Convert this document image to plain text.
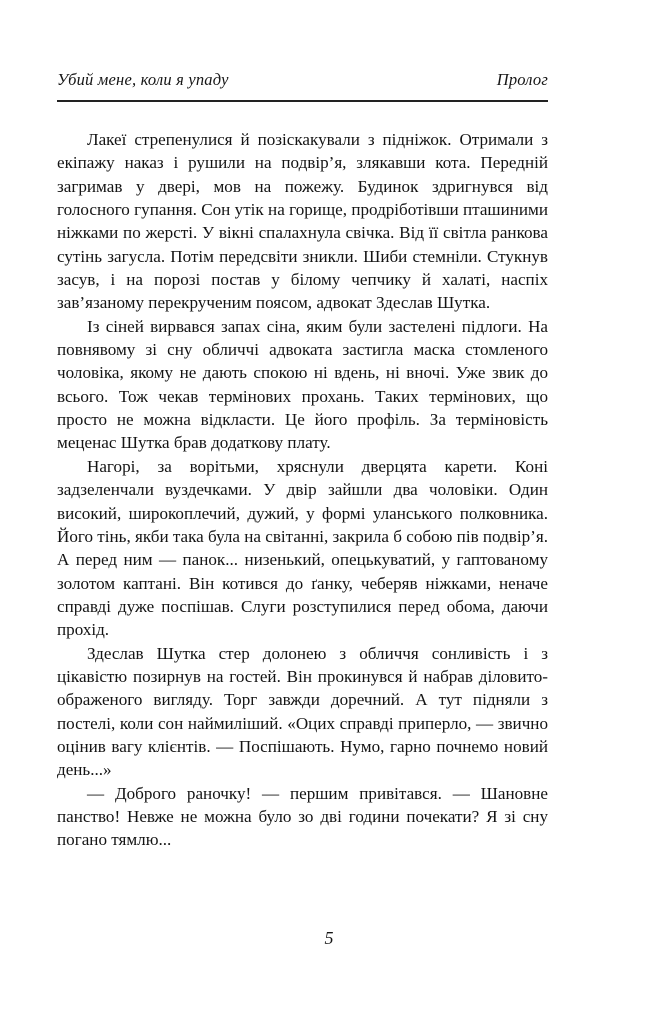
Убий мене, коли я упаду	Пролог

Лакеї стрепенулися й позіскакували з підніжок. Отримали з екіпажу наказ і рушили на подвір’я, злякавши кота. Передній загримав у двері, мов на пожежу. Будинок здригнувся від голосного гупання. Сон утік на горище, продріботівши пташиними ніжками по жерсті. У вікні спалахнула свічка. Від її світла ранкова сутінь загусла. Потім передсвіти зникли. Шиби стемніли. Стукнув засув, і на порозі постав у білому чепчику й халаті, наспіх зав’язаному перекрученим поясом, адвокат Здеслав Шутка.

Із сіней вирвався запах сіна, яким були застелені підлоги. На повнявому зі сну обличчі адвоката застигла маска стомленого чоловіка, якому не дають спокою ні вдень, ні вночі. Уже звик до всього. Тож чекав термінових прохань. Таких термінових, що просто не можна відкласти. Це його профіль. За терміновість меценас Шутка брав додаткову плату.

Нагорі, за ворітьми, хряснули дверцята карети. Коні задзеленчали вуздечками. У двір зайшли два чоловіки. Один високий, широкоплечий, дужий, у формі уланського полковника. Його тінь, якби така була на світанні, закрила б собою пів подвір’я. А перед ним — панок... низенький, опецькуватий, у гаптованому золотом каптані. Він котився до ґанку, чеберяв ніжками, неначе справді дуже поспішав. Слуги розступилися перед обома, даючи прохід.

Здеслав Шутка стер долонею з обличчя сонливість і з цікавістю позирнув на гостей. Він прокинувся й набрав діловито-ображеного вигляду. Торг завжди доречний. А тут підняли з постелі, коли сон наймиліший. «Оцих справді приперло, — звично оцінив вагу клієнтів. — Поспішають. Нумо, гарно почнемо новий день...»

— Доброго раночку! — першим привітався. — Шановне панство! Невже не можна було зо дві години почекати? Я зі сну погано тямлю...

5
